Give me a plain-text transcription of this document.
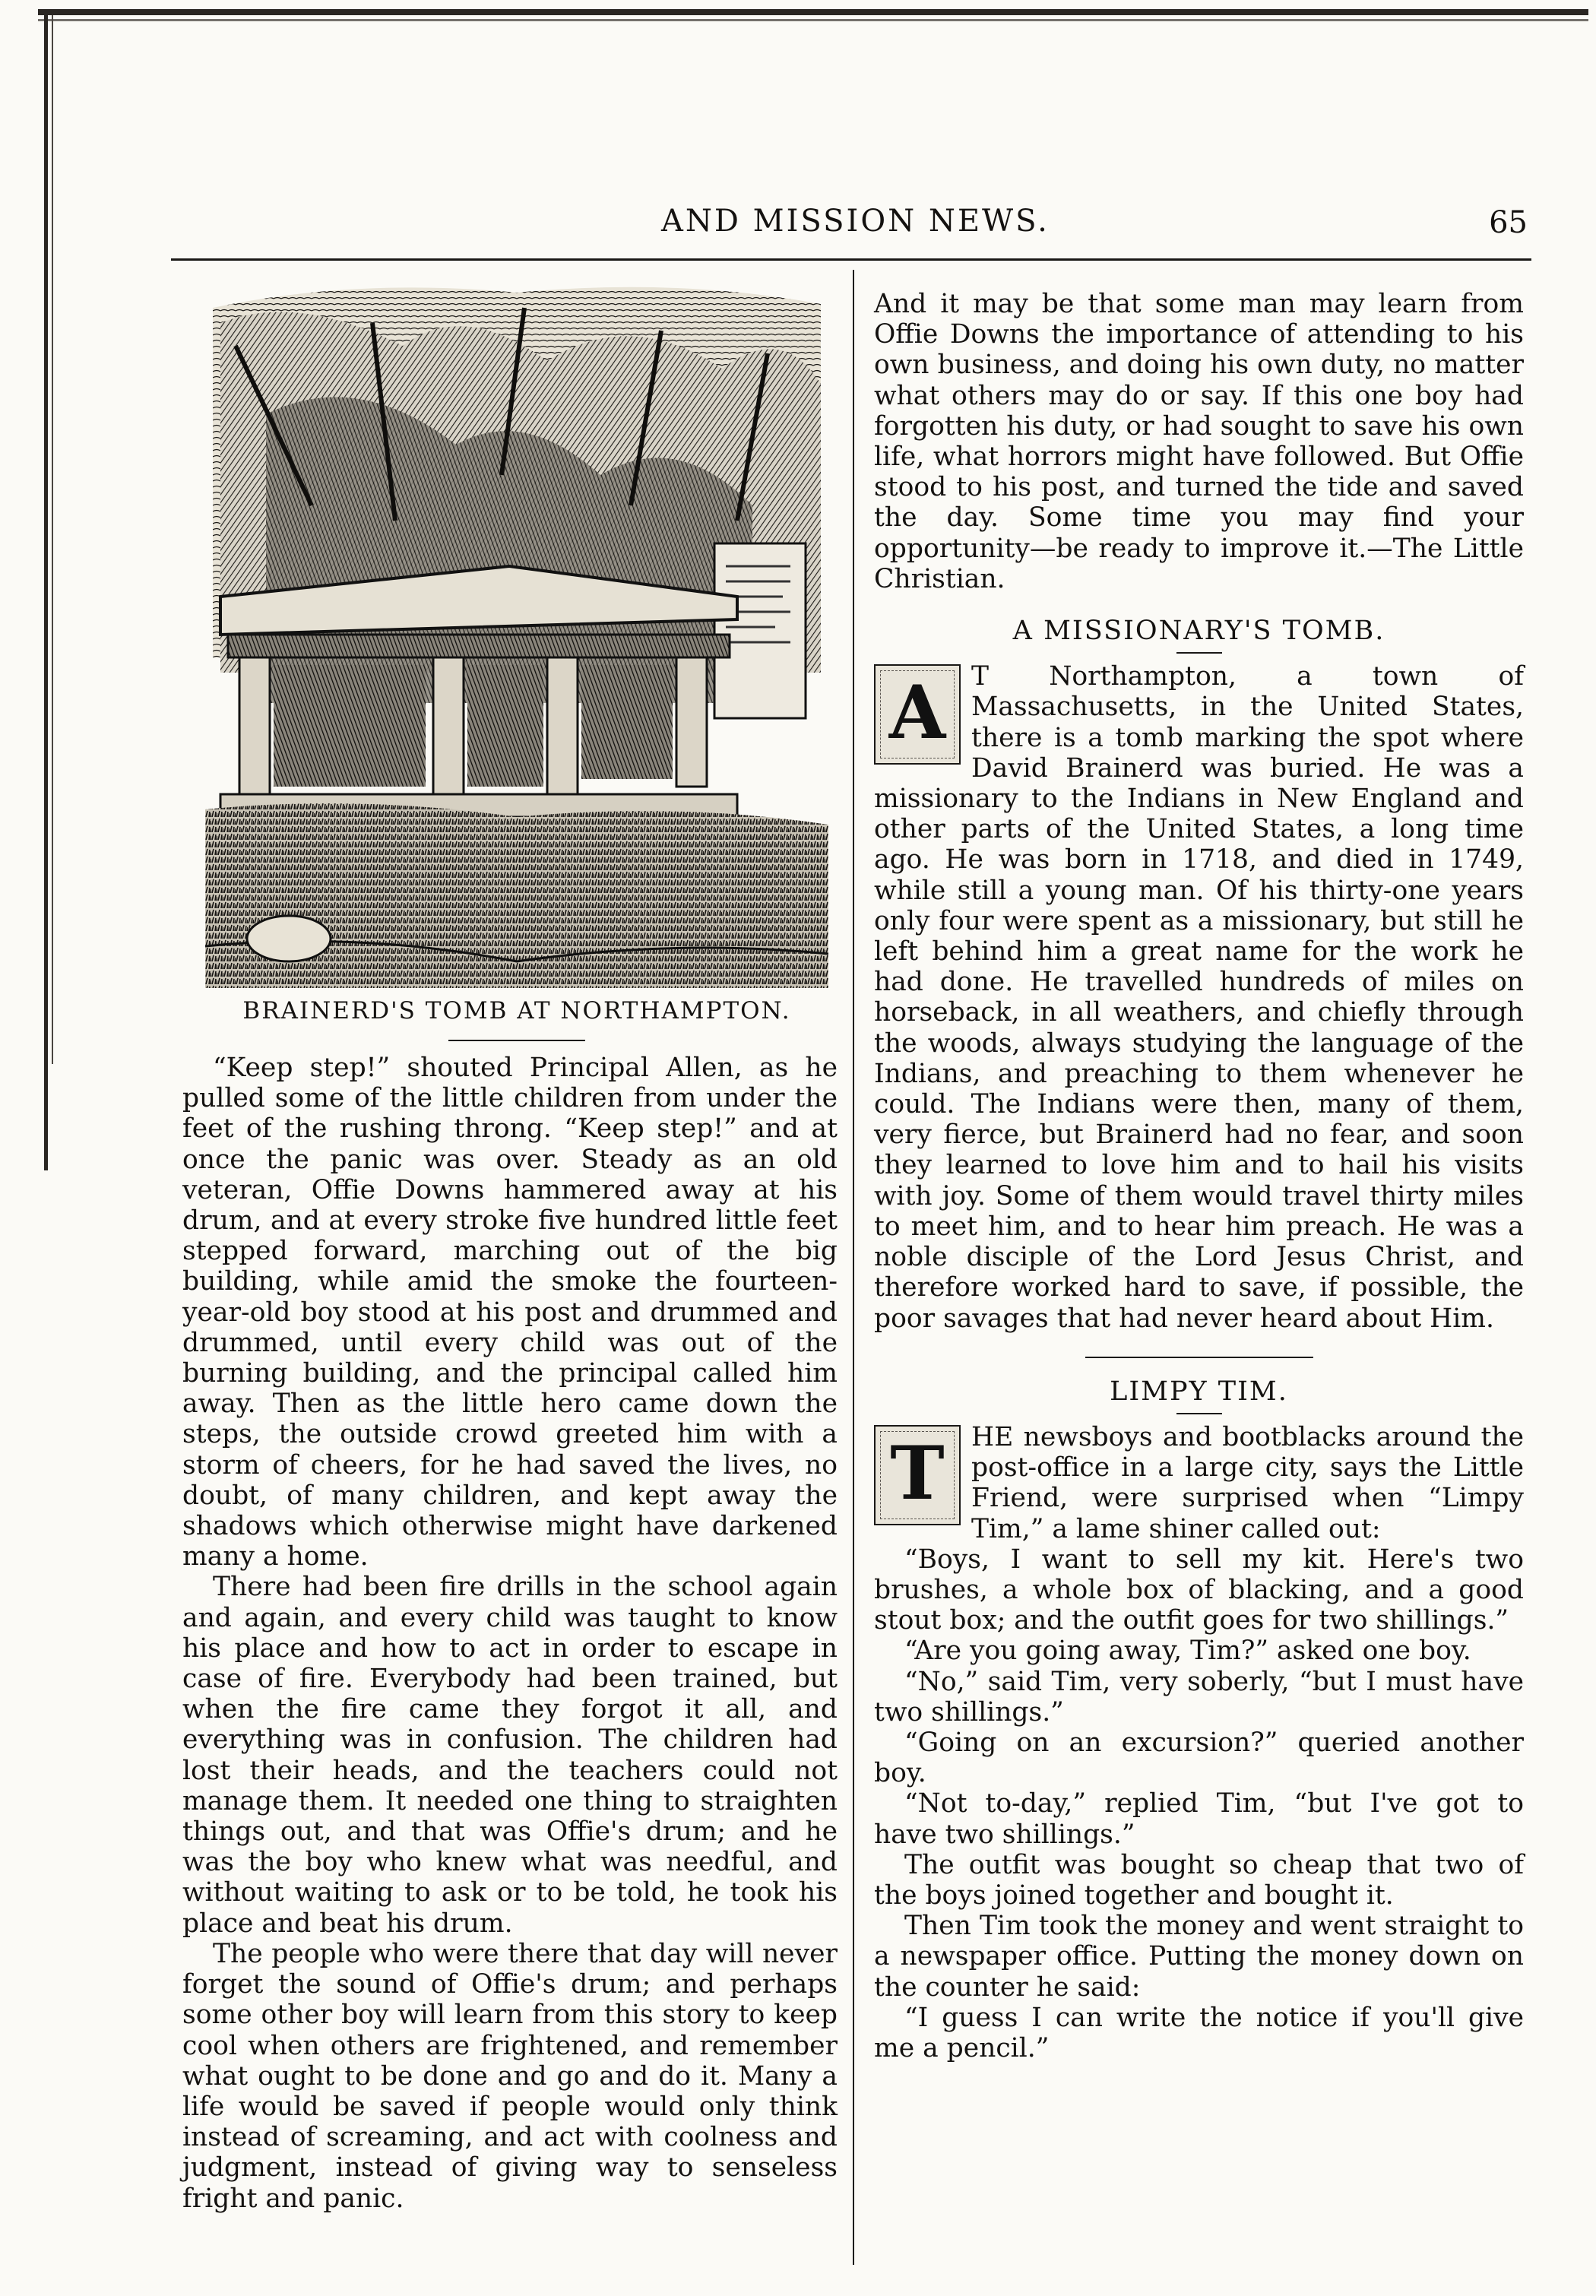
AND MISSION NEWS.	65
BRAINERD'S TOMB AT NORTHAMPTON.

“Keep step!” shouted Principal Allen, as he pulled some of the little children from under the feet of the rushing throng. “Keep step!” and at once the panic was over. Steady as an old veteran, Offie Downs hammered away at his drum, and at every stroke five hundred little feet stepped forward, marching out of the big building, while amid the smoke the fourteen-year-old boy stood at his post and drummed and drummed, until every child was out of the burning building, and the principal called him away. Then as the little hero came down the steps, the outside crowd greeted him with a storm of cheers, for he had saved the lives, no doubt, of many children, and kept away the shadows which otherwise might have darkened many a home.

There had been fire drills in the school again and again, and every child was taught to know his place and how to act in order to escape in case of fire. Everybody had been trained, but when the fire came they forgot it all, and everything was in confusion. The children had lost their heads, and the teachers could not manage them. It needed one thing to straighten things out, and that was Offie's drum; and he was the boy who knew what was needful, and without waiting to ask or to be told, he took his place and beat his drum.

The people who were there that day will never forget the sound of Offie's drum; and perhaps some other boy will learn from this story to keep cool when others are frightened, and remember what ought to be done and go and do it. Many a life would be saved if people would only think instead of screaming, and act with coolness and judgment, instead of giving way to senseless fright and panic.

And it may be that some man may learn from Offie Downs the importance of attending to his own business, and doing his own duty, no matter what others may do or say. If this one boy had forgotten his duty, or had sought to save his own life, what horrors might have followed. But Offie stood to his post, and turned the tide and saved the day. Some time you may find your opportunity—be ready to improve it.—The Little Christian.

A MISSIONARY'S TOMB.
A T Northampton, a town of Massachusetts, in the United States, there is a tomb marking the spot where David Brainerd was buried. He was a missionary to the Indians in New England and other parts of the United States, a long time ago. He was born in 1718, and died in 1749, while still a young man. Of his thirty-one years only four were spent as a missionary, but still he left behind him a great name for the work he had done. He travelled hundreds of miles on horseback, in all weathers, and chiefly through the woods, always studying the language of the Indians, and preaching to them whenever he could. The Indians were then, many of them, very fierce, but Brainerd had no fear, and soon they learned to love him and to hail his visits with joy. Some of them would travel thirty miles to meet him, and to hear him preach. He was a noble disciple of the Lord Jesus Christ, and therefore worked hard to save, if possible, the poor savages that had never heard about Him.

LIMPY TIM.
T	HE newsboys and bootblacks around the post-office in a large city, says the Little Friend, were surprised when “Limpy Tim,” a lame shiner called out:

“Boys, I want to sell my kit. Here's two brushes, a whole box of blacking, and a good stout box; and the outfit goes for two shillings.”

“Are you going away, Tim?” asked one boy.

“No,” said Tim, very soberly, “but I must have two shillings.”

“Going on an excursion?” queried another boy.

“Not to-day,” replied Tim, “but I've got to have two shillings.”

The outfit was bought so cheap that two of the boys joined together and bought it.

Then Tim took the money and went straight to a newspaper office. Putting the money down on the counter he said:

“I guess I can write the notice if you'll give me a pencil.”
